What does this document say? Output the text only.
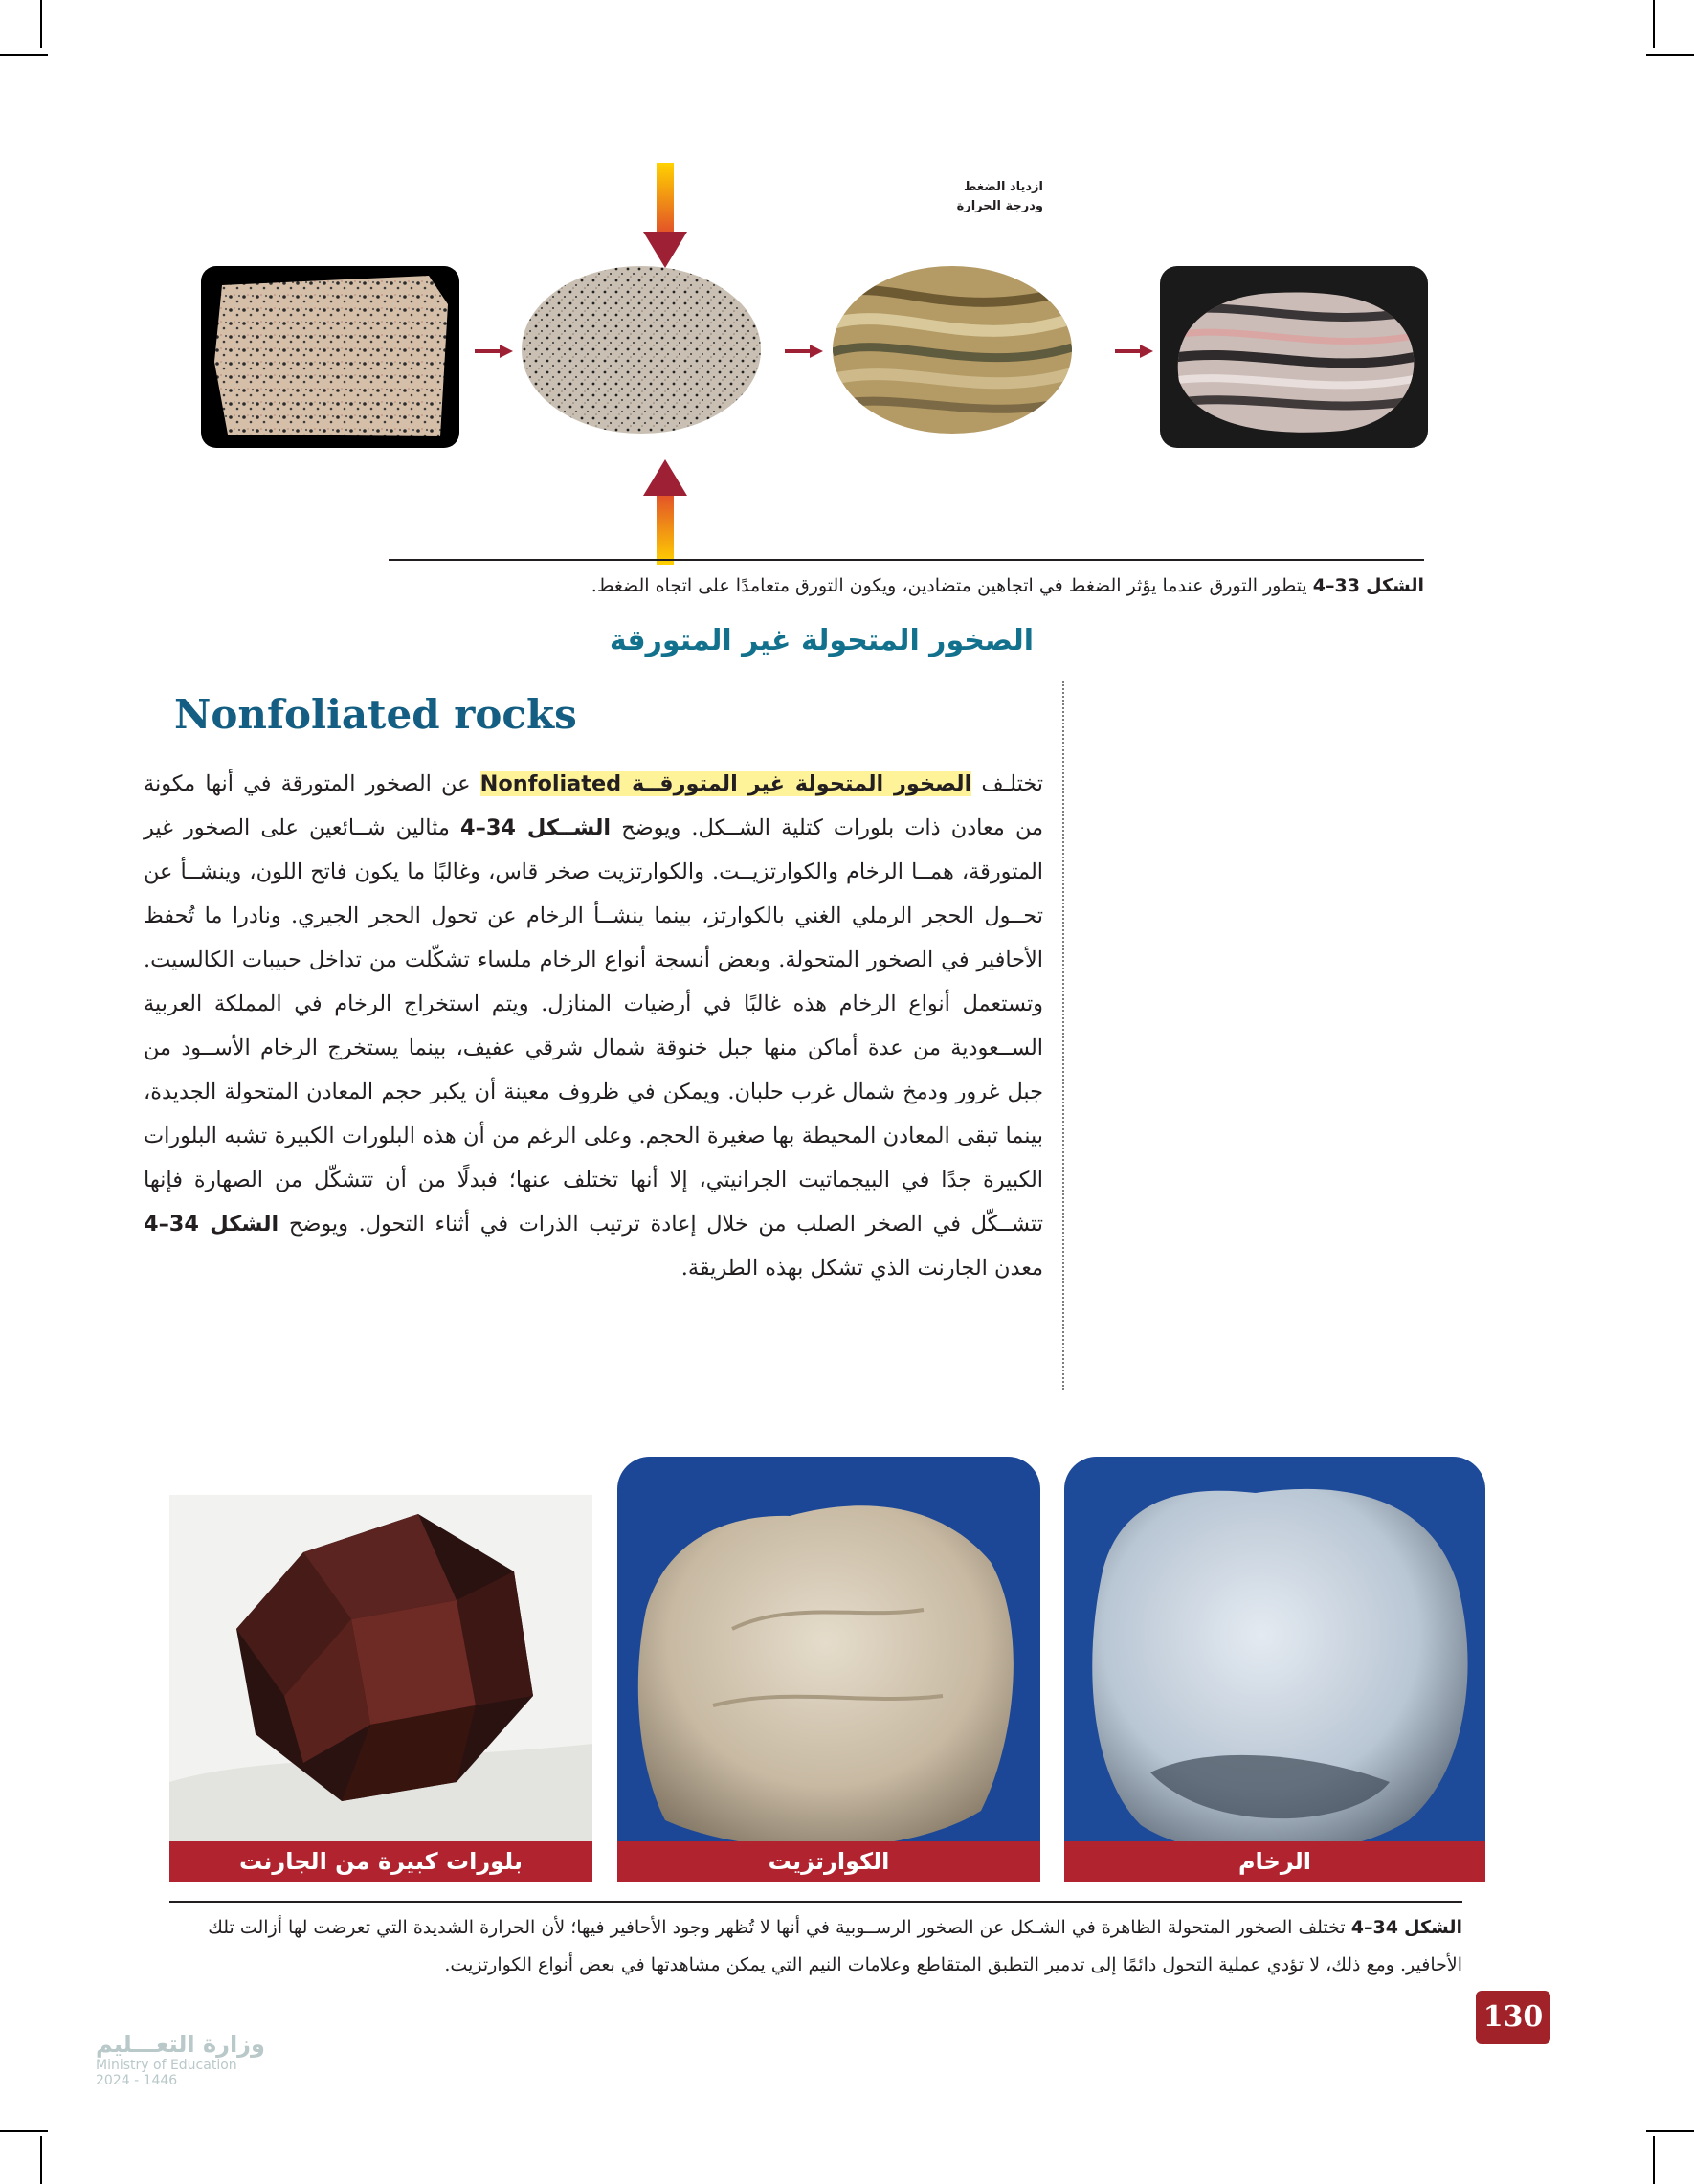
ازدياد الضغط
ودرجة الحرارة
الشكل 33–4 يتطور التورق عندما يؤثر الضغط في اتجاهين متضادين، ويكون التورق متعامدًا على اتجاه الضغط.
الصخور المتحولة غير المتورقة
Nonfoliated rocks
تختلـف الصخور المتحولة غير المتورقــة Nonfoliated عن الصخور المتورقة في أنها مكونة من معادن ذات بلورات كتلية الشــكل. ويوضح الشــكل 34–4 مثالين شــائعين على الصخور غير المتورقة، همــا الرخام والكوارتزيــت. والكوارتزيت صخر قاس، وغالبًا ما يكون فاتح اللون، وينشــأ عن تحــول الحجر الرملي الغني بالكوارتز، بينما ينشــأ الرخام عن تحول الحجر الجيري. ونادرا ما تُحفظ الأحافير في الصخور المتحولة. وبعض أنسجة أنواع الرخام ملساء تشكّلت من تداخل حبيبات الكالسيت. وتستعمل أنواع الرخام هذه غالبًا في أرضيات المنازل. ويتم استخراج الرخام في المملكة العربية الســعودية من عدة أماكن منها جبل خنوقة شمال شرقي عفيف، بينما يستخرج الرخام الأســود من جبل غرور ودمخ شمال غرب حلبان. ويمكن في ظروف معينة أن يكبر حجم المعادن المتحولة الجديدة، بينما تبقى المعادن المحيطة بها صغيرة الحجم. وعلى الرغم من أن هذه البلورات الكبيرة تشبه البلورات الكبيرة جدًا في البيجماتيت الجرانيتي، إلا أنها تختلف عنها؛ فبدلًا من أن تتشكّل من الصهارة فإنها تتشــكّل في الصخر الصلب من خلال إعادة ترتيب الذرات في أثناء التحول. ويوضح الشكل 34–4 معدن الجارنت الذي تشكل بهذه الطريقة.
الرخام
الكوارتزيت
بلورات كبيرة من الجارنت
الشكل 34–4 تختلف الصخور المتحولة الظاهرة في الشـكل عن الصخور الرســوبية في أنها لا تُظهر وجود الأحافير فيها؛ لأن الحرارة الشديدة التي تعرضت لها أزالت تلك الأحافير. ومع ذلك، لا تؤدي عملية التحول دائمًا إلى تدمير التطبق المتقاطع وعلامات النيم التي يمكن مشاهدتها في بعض أنواع الكوارتزيت.
130
وزارة التعـــليم
Ministry of Education
2024 - 1446
